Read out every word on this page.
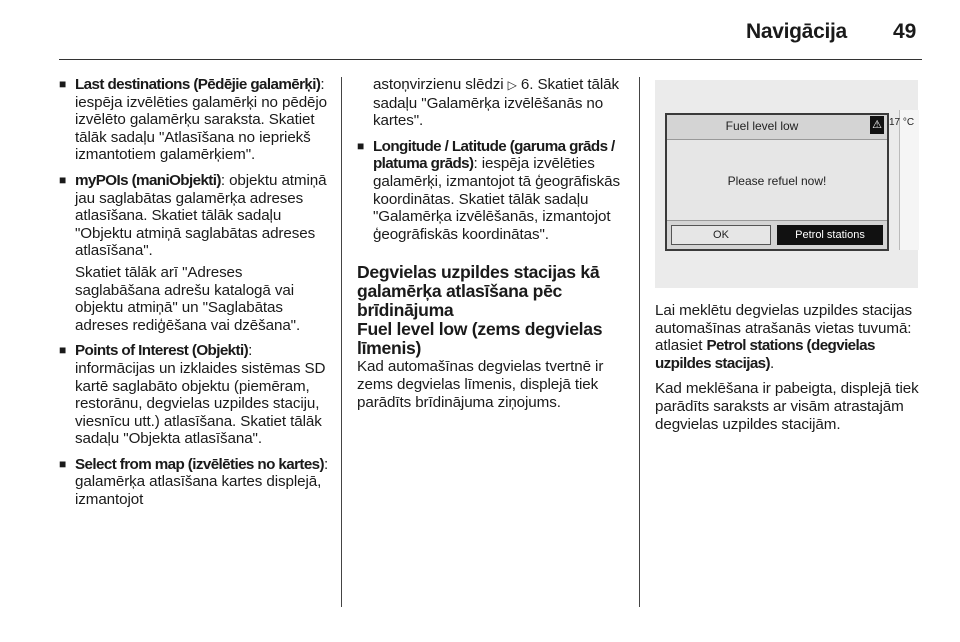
Navigācija 49
■ Last destinations (Pēdējie galamērķi): iespēja izvēlēties galamērķi no pēdējo izvēlēto galamērķu saraksta. Skatiet tālāk sadaļu "Atlasīšana no iepriekš izmantotiem galamērķiem".
■ myPOIs (maniObjekti): objektu atmiņā jau saglabātas galamērķa adreses atlasīšana. Skatiet tālāk sadaļu "Objektu atmiņā saglabātas adreses atlasīšana".

Skatiet tālāk arī "Adreses saglabāšana adrešu katalogā vai objektu atmiņā" un "Saglabātas adreses rediģēšana vai dzēšana".

■ Points of Interest (Objekti): informācijas un izklaides sistēmas SD kartē saglabāto objektu (piemēram, restorānu, degvielas uzpildes staciju, viesnīcu utt.) atlasīšana. Skatiet tālāk sadaļu "Objekta atlasīšana".
■ Select from map (izvēlēties no kartes): galamērķa atlasīšana kartes displejā, izmantojot

astoņvirzienu slēdzi ▷ 6. Skatiet tālāk sadaļu "Galamērķa izvēlēšanās no kartes".

■ Longitude / Latitude (garuma grāds / platuma grāds): iespēja izvēlēties galamērķi, izmantojot tā ģeogrāfiskās koordinātas. Skatiet tālāk sadaļu "Galamērķa izvēlēšanās, izmantojot ģeogrāfiskās koordinātas".
Degvielas uzpildes stacijas kā galamērķa atlasīšana pēc brīdinājuma
Fuel level low (zems degvielas līmenis)

Kad automašīnas degvielas tvertnē ir zems degvielas līmenis, displejā tiek parādīts brīdinājuma ziņojums.

Fuel level low	⚠
Please refuel now!
OK	Petrol stations
17 °C

Lai meklētu degvielas uzpildes stacijas automašīnas atrašanās vietas tuvumā: atlasiet Petrol stations (degvielas uzpildes stacijas).

Kad meklēšana ir pabeigta, displejā tiek parādīts saraksts ar visām atrastajām degvielas uzpildes stacijām.
